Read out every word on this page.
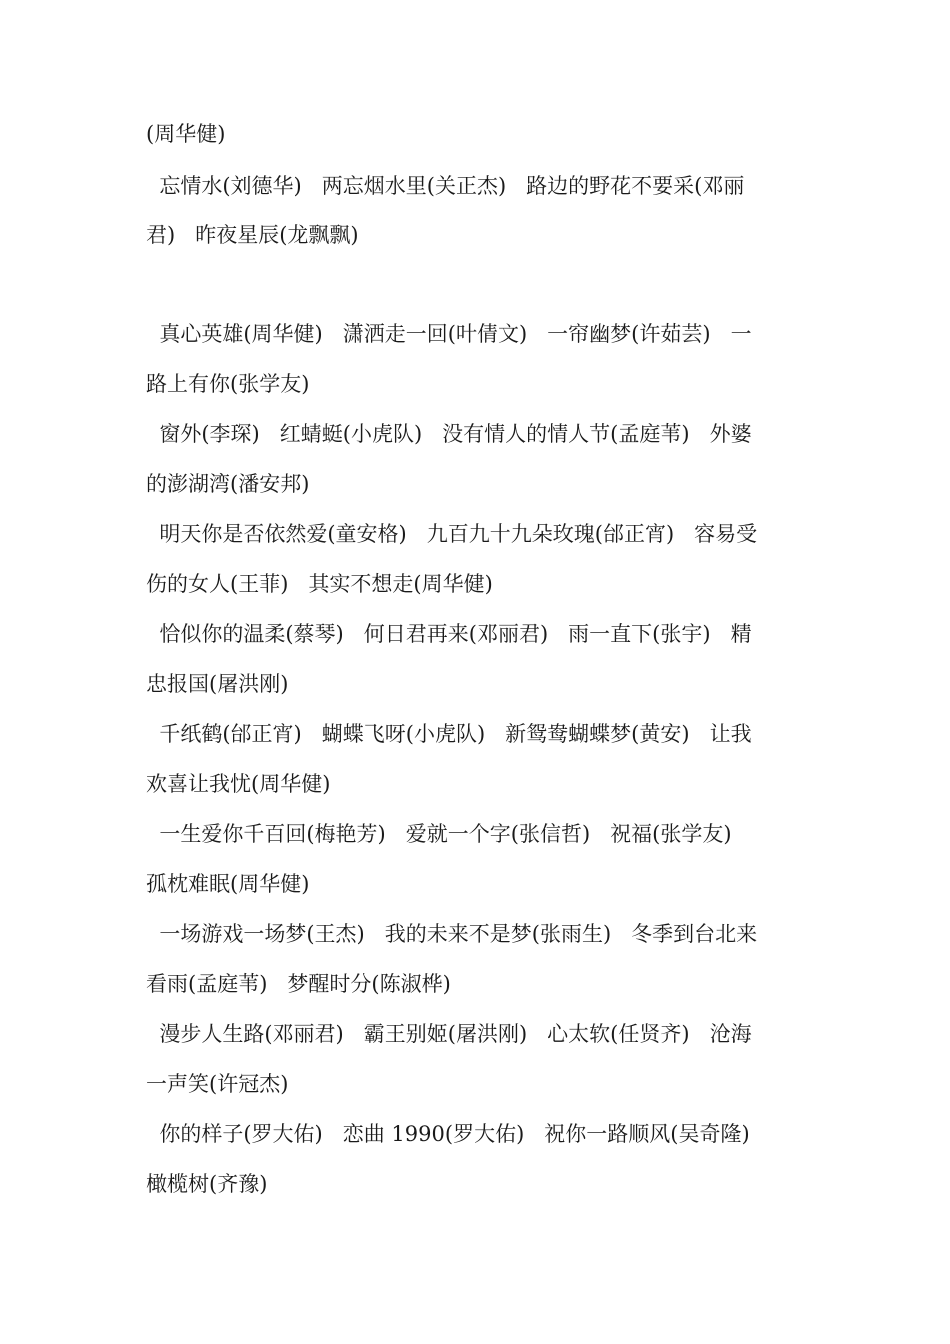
(周华健)
忘情水(刘德华)   两忘烟水里(关正杰)   路边的野花不要采(邓丽
君)   昨夜星辰(龙飘飘)
真心英雄(周华健)   潇洒走一回(叶倩文)   一帘幽梦(许茹芸)   一
路上有你(张学友)
窗外(李琛)   红蜻蜓(小虎队)   没有情人的情人节(孟庭苇)   外婆
的澎湖湾(潘安邦)
明天你是否依然爱(童安格)   九百九十九朵玫瑰(邰正宵)   容易受
伤的女人(王菲)   其实不想走(周华健)
恰似你的温柔(蔡琴)   何日君再来(邓丽君)   雨一直下(张宇)   精
忠报国(屠洪刚)
千纸鹤(邰正宵)   蝴蝶飞呀(小虎队)   新鸳鸯蝴蝶梦(黄安)   让我
欢喜让我忧(周华健)
一生爱你千百回(梅艳芳)   爱就一个字(张信哲)   祝福(张学友)
孤枕难眠(周华健)
一场游戏一场梦(王杰)   我的未来不是梦(张雨生)   冬季到台北来
看雨(孟庭苇)   梦醒时分(陈淑桦)
漫步人生路(邓丽君)   霸王别姬(屠洪刚)   心太软(任贤齐)   沧海
一声笑(许冠杰)
你的样子(罗大佑)   恋曲 1990(罗大佑)   祝你一路顺风(吴奇隆)
橄榄树(齐豫)
